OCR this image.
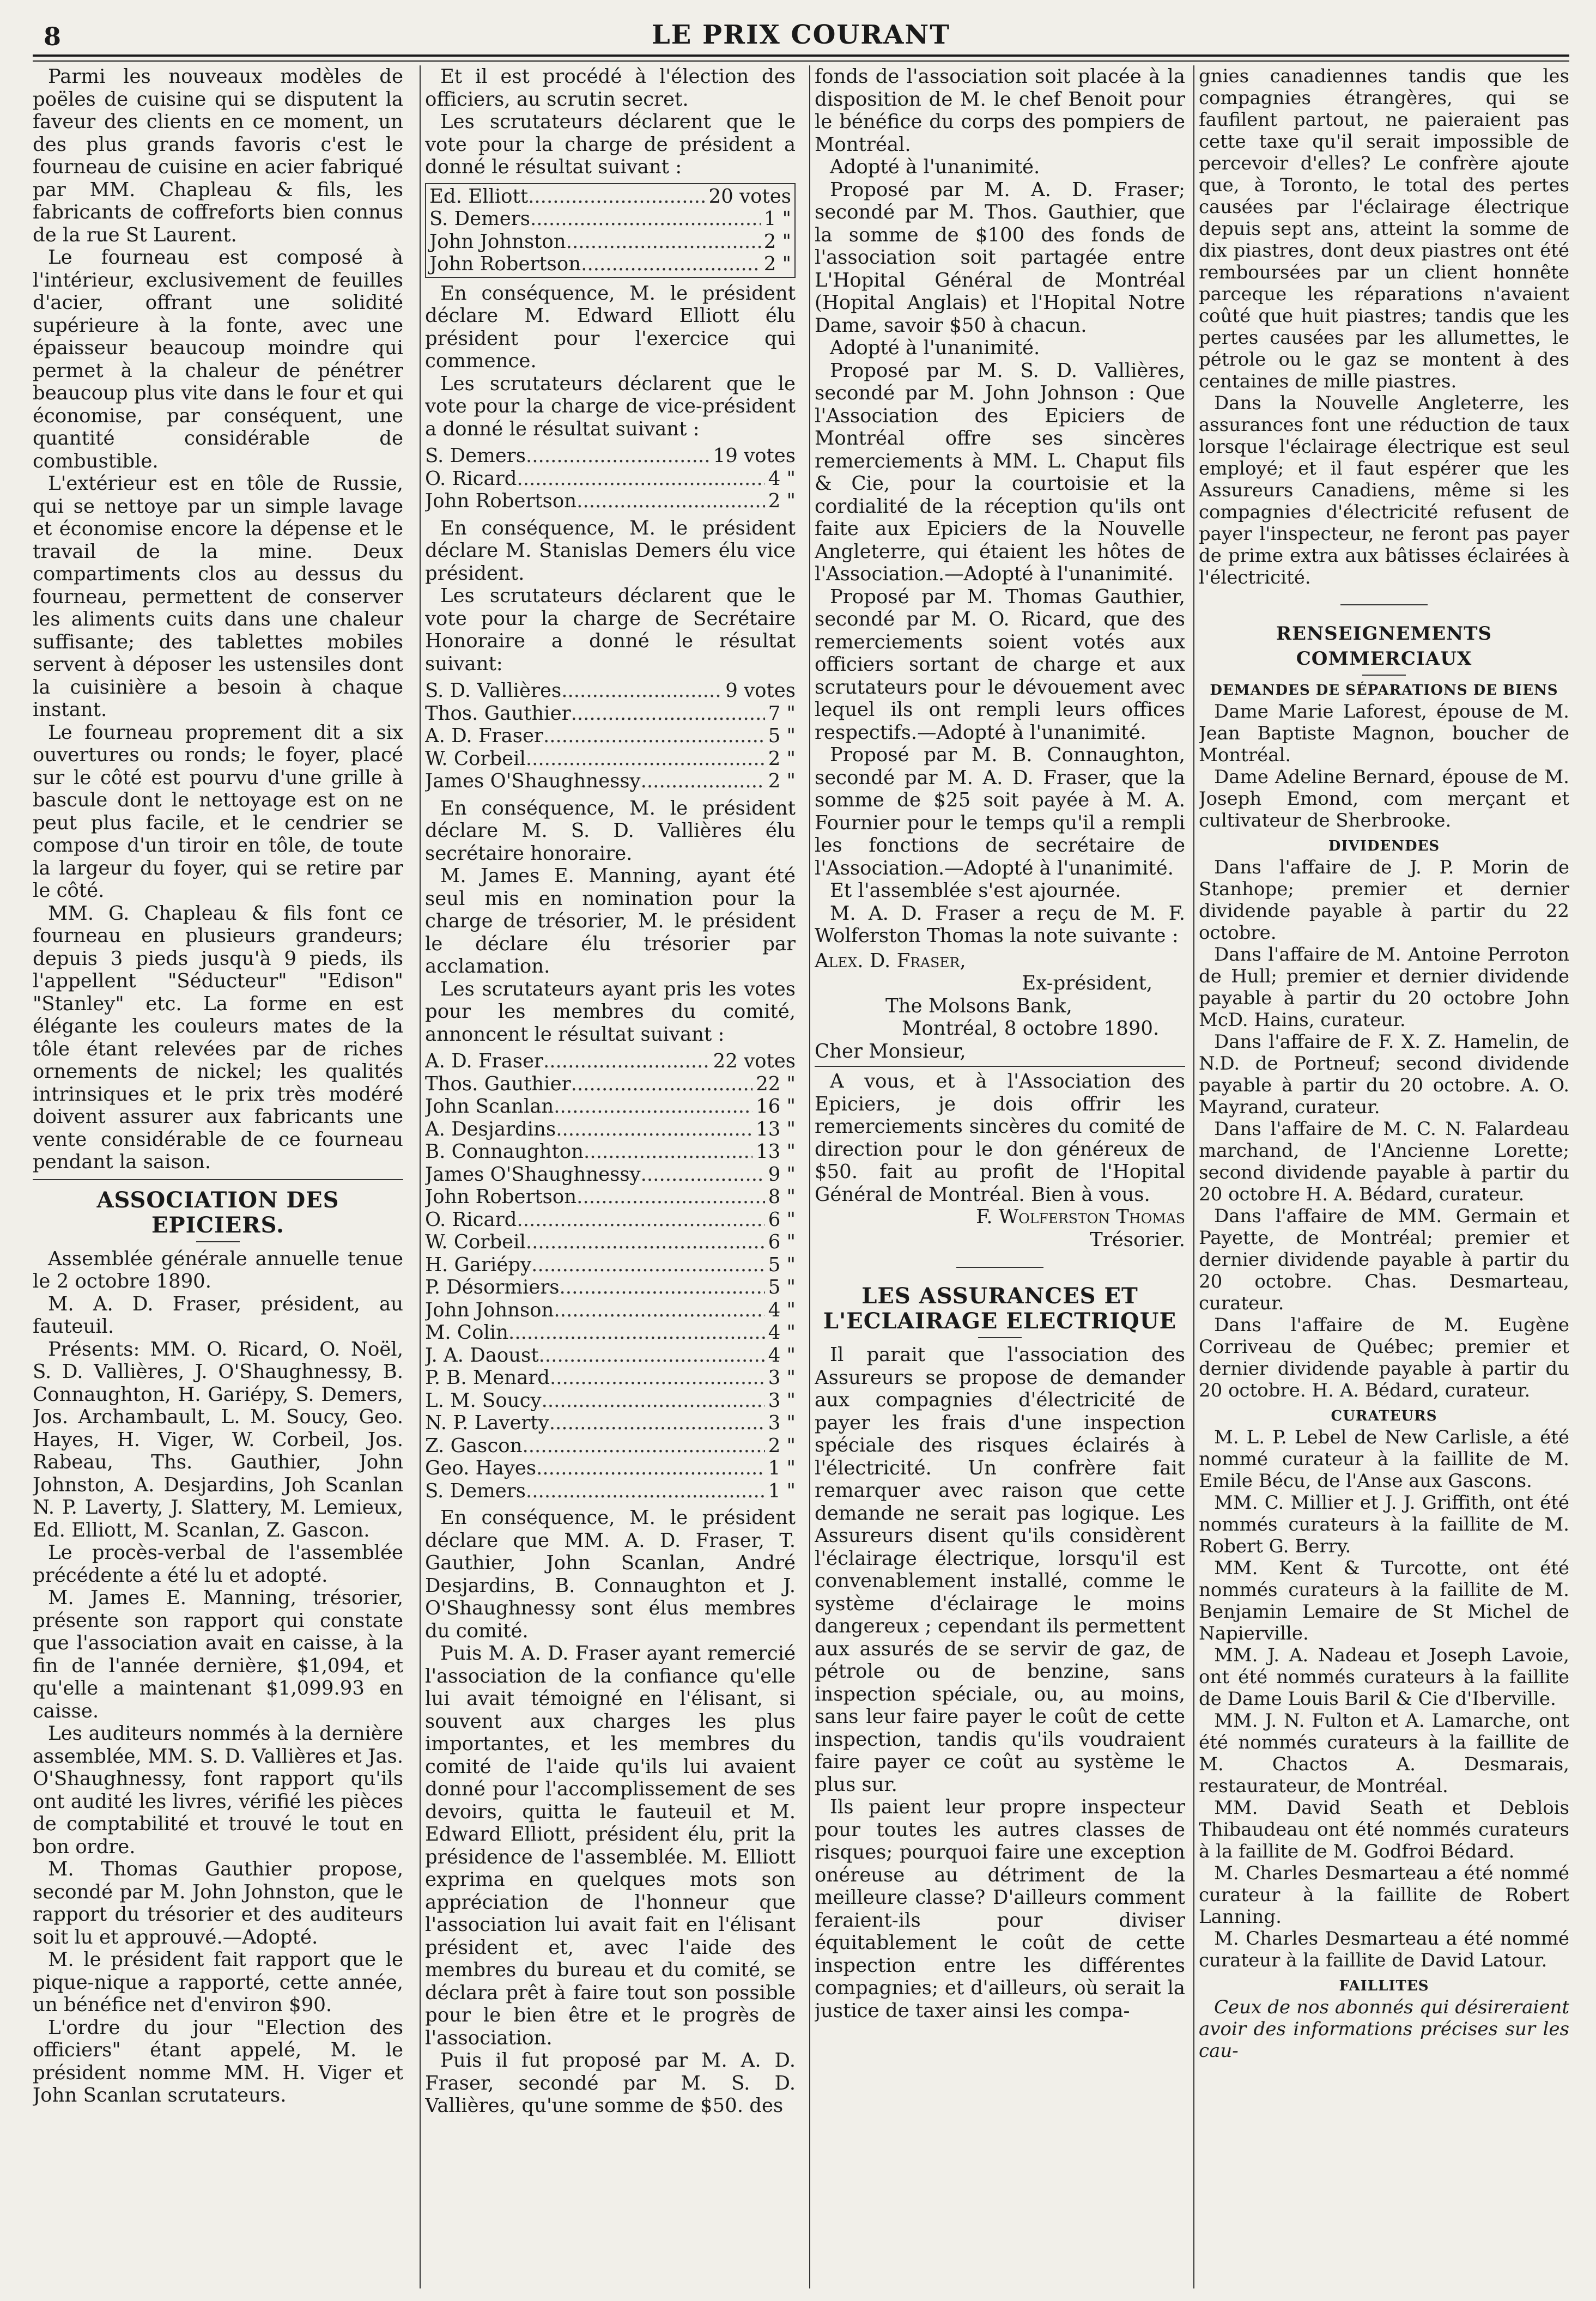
8	LE PRIX COURANT

Parmi les nouveaux modèles de poëles de cuisine qui se disputent la faveur des clients en ce moment, un des plus grands favoris c'est le fourneau de cuisine en acier fabriqué par MM. Chapleau & fils, les fabricants de coffreforts bien connus de la rue St Laurent.

Le fourneau est composé à l'intérieur, exclusivement de feuilles d'acier, offrant une solidité supérieure à la fonte, avec une épaisseur beaucoup moindre qui permet à la chaleur de pénétrer beaucoup plus vite dans le four et qui économise, par conséquent, une quantité considérable de combustible.

L'extérieur est en tôle de Russie, qui se nettoye par un simple lavage et économise encore la dépense et le travail de la mine. Deux compartiments clos au dessus du fourneau, permettent de conserver les aliments cuits dans une chaleur suffisante; des tablettes mobiles servent à déposer les ustensiles dont la cuisinière a besoin à chaque instant.

Le fourneau proprement dit a six ouvertures ou ronds; le foyer, placé sur le côté est pourvu d'une grille à bascule dont le nettoyage est on ne peut plus facile, et le cendrier se compose d'un tiroir en tôle, de toute la largeur du foyer, qui se retire par le côté.

MM. G. Chapleau & fils font ce fourneau en plusieurs grandeurs; depuis 3 pieds jusqu'à 9 pieds, ils l'appellent "Séducteur" "Edison" "Stanley" etc. La forme en est élégante les couleurs mates de la tôle étant relevées par de riches ornements de nickel; les qualités intrinsiques et le prix très modéré doivent assurer aux fabricants une vente considérable de ce fourneau pendant la saison.

ASSOCIATION DES EPICIERS.

Assemblée générale annuelle tenue le 2 octobre 1890.

M. A. D. Fraser, président, au fauteuil.

Présents: MM. O. Ricard, O. Noël, S. D. Vallières, J. O'Shaughnessy, B. Connaughton, H. Gariépy, S. Demers, Jos. Archambault, L. M. Soucy, Geo. Hayes, H. Viger, W. Corbeil, Jos. Rabeau, Ths. Gauthier, John Johnston, A. Desjardins, Joh Scanlan N. P. Laverty, J. Slattery, M. Lemieux, Ed. Elliott, M. Scanlan, Z. Gascon.

Le procès-verbal de l'assemblée précédente a été lu et adopté.

M. James E. Manning, trésorier, présente son rapport qui constate que l'association avait en caisse, à la fin de l'année dernière, $1,094, et qu'elle a maintenant $1,099.93 en caisse.

Les auditeurs nommés à la dernière assemblée, MM. S. D. Vallières et Jas. O'Shaughnessy, font rapport qu'ils ont audité les livres, vérifié les pièces de comptabilité et trouvé le tout en bon ordre.

M. Thomas Gauthier propose, secondé par M. John Johnston, que le rapport du trésorier et des auditeurs soit lu et approuvé.—Adopté.

M. le président fait rapport que le pique-nique a rapporté, cette année, un bénéfice net d'environ $90.

L'ordre du jour "Election des officiers" étant appelé, M. le président nomme MM. H. Viger et John Scanlan scrutateurs.

Et il est procédé à l'élection des officiers, au scrutin secret.

Les scrutateurs déclarent que le vote pour la charge de président a donné le résultat suivant :

Ed. Elliott .....	20 votes
S. Demers .....	1 "
John Johnston .....	2 "
John Robertson .....	2 "

En conséquence, M. le président déclare M. Edward Elliott élu président pour l'exercice qui commence.

Les scrutateurs déclarent que le vote pour la charge de vice-président a donné le résultat suivant :

S. Demers .....	19 votes
O. Ricard .....	4 "
John Robertson .....	2 "

En conséquence, M. le président déclare M. Stanislas Demers élu vice président.

Les scrutateurs déclarent que le vote pour la charge de Secrétaire Honoraire a donné le résultat suivant:

S. D. Vallières .....	9 votes
Thos. Gauthier .....	7 "
A. D. Fraser .....	5 "
W. Corbeil .....	2 "
James O'Shaughnessy .....	2 "

En conséquence, M. le président déclare M. S. D. Vallières élu secrétaire honoraire.

M. James E. Manning, ayant été seul mis en nomination pour la charge de trésorier, M. le président le déclare élu trésorier par acclamation.

Les scrutateurs ayant pris les votes pour les membres du comité, annoncent le résultat suivant :

A. D. Fraser .....	22 votes
Thos. Gauthier .....	22 "
John Scanlan .....	16 "
A. Desjardins .....	13 "
B. Connaughton .....	13 "
James O'Shaughnessy .....	9 "
John Robertson .....	8 "
O. Ricard .....	6 "
W. Corbeil .....	6 "
H. Gariépy .....	5 "
P. Désormiers .....	5 "
John Johnson .....	4 "
M. Colin .....	4 "
J. A. Daoust .....	4 "
P. B. Menard .....	3 "
L. M. Soucy .....	3 "
N. P. Laverty .....	3 "
Z. Gascon .....	2 "
Geo. Hayes .....	1 "
S. Demers .....	1 "

En conséquence, M. le président déclare que MM. A. D. Fraser, T. Gauthier, John Scanlan, André Desjardins, B. Connaughton et J. O'Shaughnessy sont élus membres du comité.

Puis M. A. D. Fraser ayant remercié l'association de la confiance qu'elle lui avait témoigné en l'élisant, si souvent aux charges les plus importantes, et les membres du comité de l'aide qu'ils lui avaient donné pour l'accomplissement de ses devoirs, quitta le fauteuil et M. Edward Elliott, président élu, prit la présidence de l'assemblée. M. Elliott exprima en quelques mots son appréciation de l'honneur que l'association lui avait fait en l'élisant président et, avec l'aide des membres du bureau et du comité, se déclara prêt à faire tout son possible pour le bien être et le progrès de l'association.

Puis il fut proposé par M. A. D. Fraser, secondé par M. S. D. Vallières, qu'une somme de $50. des

fonds de l'association soit placée à la disposition de M. le chef Benoit pour le bénéfice du corps des pompiers de Montréal.

Adopté à l'unanimité.

Proposé par M. A. D. Fraser; secondé par M. Thos. Gauthier, que la somme de $100 des fonds de l'association soit partagée entre L'Hopital Général de Montréal (Hopital Anglais) et l'Hopital Notre Dame, savoir $50 à chacun.

Adopté à l'unanimité.

Proposé par M. S. D. Vallières, secondé par M. John Johnson : Que l'Association des Epiciers de Montréal offre ses sincères remerciements à MM. L. Chaput fils & Cie, pour la courtoisie et la cordialité de la réception qu'ils ont faite aux Epiciers de la Nouvelle Angleterre, qui étaient les hôtes de l'Association.—Adopté à l'unanimité.

Proposé par M. Thomas Gauthier, secondé par M. O. Ricard, que des remerciements soient votés aux officiers sortant de charge et aux scrutateurs pour le dévouement avec lequel ils ont rempli leurs offices respectifs.—Adopté à l'unanimité.

Proposé par M. B. Connaughton, secondé par M. A. D. Fraser, que la somme de $25 soit payée à M. A. Fournier pour le temps qu'il a rempli les fonctions de secrétaire de l'Association.—Adopté à l'unanimité.

Et l'assemblée s'est ajournée.

M. A. D. Fraser a reçu de M. F. Wolferston Thomas la note suivante :

Alex. D. Fraser,

Ex-président,

The Molsons Bank,

Montréal, 8 octobre 1890.

Cher Monsieur,

A vous, et à l'Association des Epiciers, je dois offrir les remerciements sincères du comité de direction pour le don généreux de $50. fait au profit de l'Hopital Général de Montréal. Bien à vous.

F. Wolferston Thomas

Trésorier.

LES ASSURANCES ET L'ECLAIRAGE ELECTRIQUE

Il parait que l'association des Assureurs se propose de demander aux compagnies d'électricité de payer les frais d'une inspection spéciale des risques éclairés à l'électricité. Un confrère fait remarquer avec raison que cette demande ne serait pas logique. Les Assureurs disent qu'ils considèrent l'éclairage électrique, lorsqu'il est convenablement installé, comme le système d'éclairage le moins dangereux ; cependant ils permettent aux assurés de se servir de gaz, de pétrole ou de benzine, sans inspection spéciale, ou, au moins, sans leur faire payer le coût de cette inspection, tandis qu'ils voudraient faire payer ce coût au système le plus sur.

Ils paient leur propre inspecteur pour toutes les autres classes de risques; pourquoi faire une exception onéreuse au détriment de la meilleure classe? D'ailleurs comment feraient-ils pour diviser équitablement le coût de cette inspection entre les différentes compagnies; et d'ailleurs, où serait la justice de taxer ainsi les compa-

gnies canadiennes tandis que les compagnies étrangères, qui se faufilent partout, ne paieraient pas cette taxe qu'il serait impossible de percevoir d'elles? Le confrère ajoute que, à Toronto, le total des pertes causées par l'éclairage électrique depuis sept ans, atteint la somme de dix piastres, dont deux piastres ont été remboursées par un client honnête parceque les réparations n'avaient coûté que huit piastres; tandis que les pertes causées par les allumettes, le pétrole ou le gaz se montent à des centaines de mille piastres.

Dans la Nouvelle Angleterre, les assurances font une réduction de taux lorsque l'éclairage électrique est seul employé; et il faut espérer que les Assureurs Canadiens, même si les compagnies d'électricité refusent de payer l'inspecteur, ne feront pas payer de prime extra aux bâtisses éclairées à l'électricité.

RENSEIGNEMENTS COMMERCIAUX
DEMANDES DE SÉPARATIONS DE BIENS

Dame Marie Laforest, épouse de M. Jean Baptiste Magnon, boucher de Montréal.

Dame Adeline Bernard, épouse de M. Joseph Emond, com merçant et cultivateur de Sherbrooke.

DIVIDENDES

Dans l'affaire de J. P. Morin de Stanhope; premier et dernier dividende payable à partir du 22 octobre.

Dans l'affaire de M. Antoine Perroton de Hull; premier et dernier dividende payable à partir du 20 octobre John McD. Hains, curateur.

Dans l'affaire de F. X. Z. Hamelin, de N.D. de Portneuf; second dividende payable à partir du 20 octobre. A. O. Mayrand, curateur.

Dans l'affaire de M. C. N. Falardeau marchand, de l'Ancienne Lorette; second dividende payable à partir du 20 octobre H. A. Bédard, curateur.

Dans l'affaire de MM. Germain et Payette, de Montréal; premier et dernier dividende payable à partir du 20 octobre. Chas. Desmarteau, curateur.

Dans l'affaire de M. Eugène Corriveau de Québec; premier et dernier dividende payable à partir du 20 octobre. H. A. Bédard, curateur.

CURATEURS

M. L. P. Lebel de New Carlisle, a été nommé curateur à la faillite de M. Emile Bécu, de l'Anse aux Gascons.

MM. C. Millier et J. J. Griffith, ont été nommés curateurs à la faillite de M. Robert G. Berry.

MM. Kent & Turcotte, ont été nommés curateurs à la faillite de M. Benjamin Lemaire de St Michel de Napierville.

MM. J. A. Nadeau et Joseph Lavoie, ont été nommés curateurs à la faillite de Dame Louis Baril & Cie d'Iberville.

MM. J. N. Fulton et A. Lamarche, ont été nommés curateurs à la faillite de M. Chactos A. Desmarais, restaurateur, de Montréal.

MM. David Seath et Deblois Thibaudeau ont été nommés curateurs à la faillite de M. Godfroi Bédard.

M. Charles Desmarteau a été nommé curateur à la faillite de Robert Lanning.

M. Charles Desmarteau a été nommé curateur à la faillite de David Latour.

FAILLITES

Ceux de nos abonnés qui désireraient avoir des informations précises sur les cau-
